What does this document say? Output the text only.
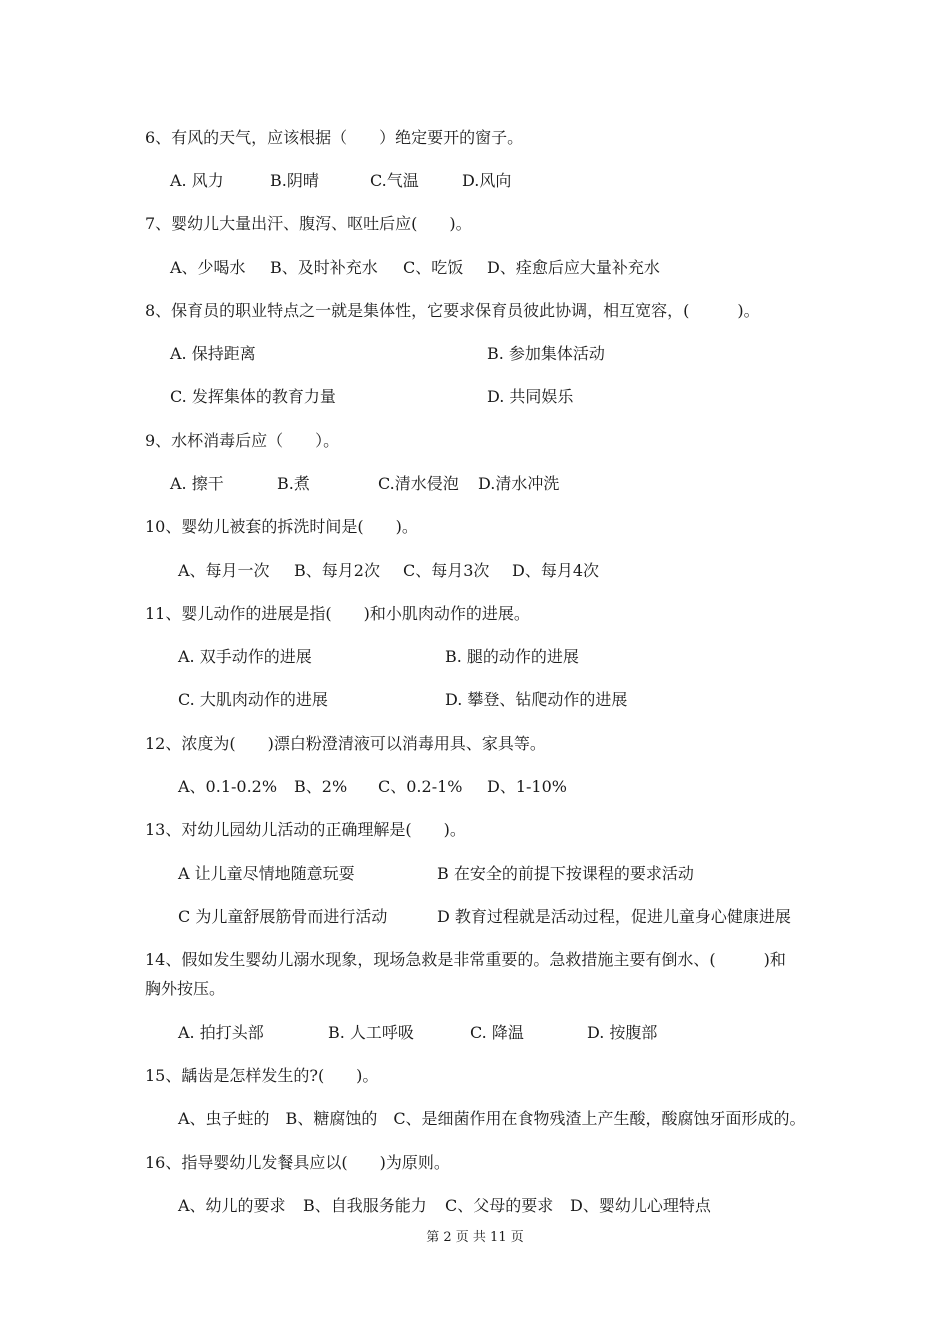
6、有风的天气，应该根据（　　）绝定要开的窗子。
A. 风力	B.阴晴	C.气温	D.风向
7、婴幼儿大量出汗、腹泻、呕吐后应(　　)。
A、少喝水 B、及时补充水 C、吃饭 D、痊愈后应大量补充水
8、保育员的职业特点之一就是集体性，它要求保育员彼此协调，相互宽容，(　　　)。
A. 保持距离	B. 参加集体活动
C. 发挥集体的教育力量	D. 共同娱乐
9、水杯消毒后应（　　）。
A. 擦干	B.煮	C.清水侵泡 D.清水冲洗
10、婴幼儿被套的拆洗时间是(　　)。
A、每月一次 B、每月2次 C、每月3次 D、每月4次
11、婴儿动作的进展是指(　　)和小肌肉动作的进展。
A. 双手动作的进展	B. 腿的动作的进展
C. 大肌肉动作的进展	D. 攀登、钻爬动作的进展
12、浓度为(　　)漂白粉澄清液可以消毒用具、家具等。
A、0.1-0.2% B、2% C、0.2-1% D、1-10%
13、对幼儿园幼儿活动的正确理解是(　　)。
A 让儿童尽情地随意玩耍	B 在安全的前提下按课程的要求活动
C 为儿童舒展筋骨而进行活动	D 教育过程就是活动过程，促进儿童身心健康进展
14、假如发生婴幼儿溺水现象，现场急救是非常重要的。急救措施主要有倒水、(　　　)和
胸外按压。
A. 拍打头部	B. 人工呼吸	C. 降温	D. 按腹部
15、龋齿是怎样发生的?(　　)。
A、虫子蛀的　B、糖腐蚀的　C、是细菌作用在食物残渣上产生酸，酸腐蚀牙面形成的。
16、指导婴幼儿发餐具应以(　　)为原则。
A、幼儿的要求 B、自我服务能力 C、父母的要求 D、婴幼儿心理特点
第 2 页 共 11 页
